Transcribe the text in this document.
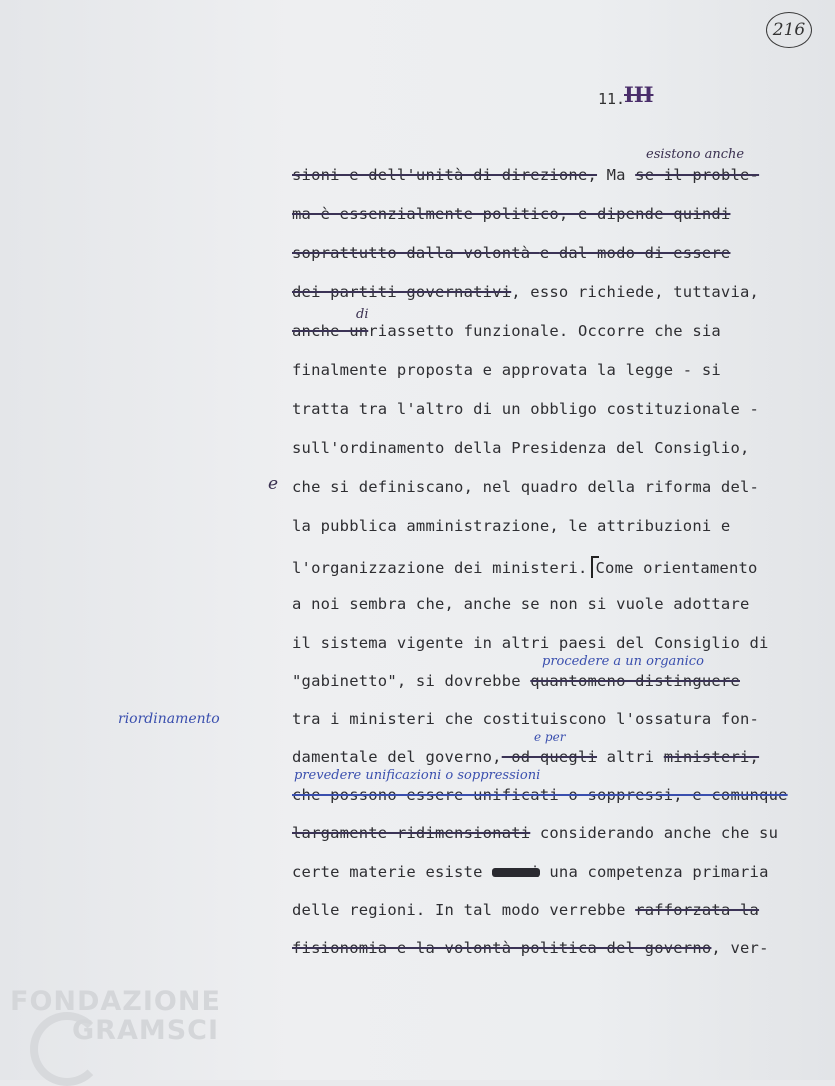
216
11.
III
sioni e dell'unità di direzione, Ma se il proble-
ma è essenzialmente politico, e dipende quindi
soprattutto dalla volontà e dal modo di essere
dei partiti governativi, esso richiede, tuttavia,
anche unriassetto funzionale. Occorre che sia
finalmente proposta e approvata la legge - si
tratta tra l'altro di un obbligo costituzionale -
sull'ordinamento della Presidenza del Consiglio,
che si definiscano, nel quadro della riforma del-
la pubblica amministrazione, le attribuzioni e
l'organizzazione dei ministeri. Come orientamento
a noi sembra che, anche se non si vuole adottare
il sistema vigente in altri paesi del Consiglio di
"gabinetto", si dovrebbe quantomeno distinguere
tra i ministeri che costituiscono l'ossatura fon-
damentale del governo, od quegli altri ministeri,
che possono essere unificati o soppressi, e comunque
largamente ridimensionati considerando anche che su
certe materie esiste ormai una competenza primaria
delle regioni. In tal modo verrebbe rafforzata la
fisionomia e la volontà politica del governo, ver-
esistono anche
di
e
procedere a un organico
riordinamento
e per
prevedere unificazioni o soppressioni
FONDAZIONE
GRAMSCI
